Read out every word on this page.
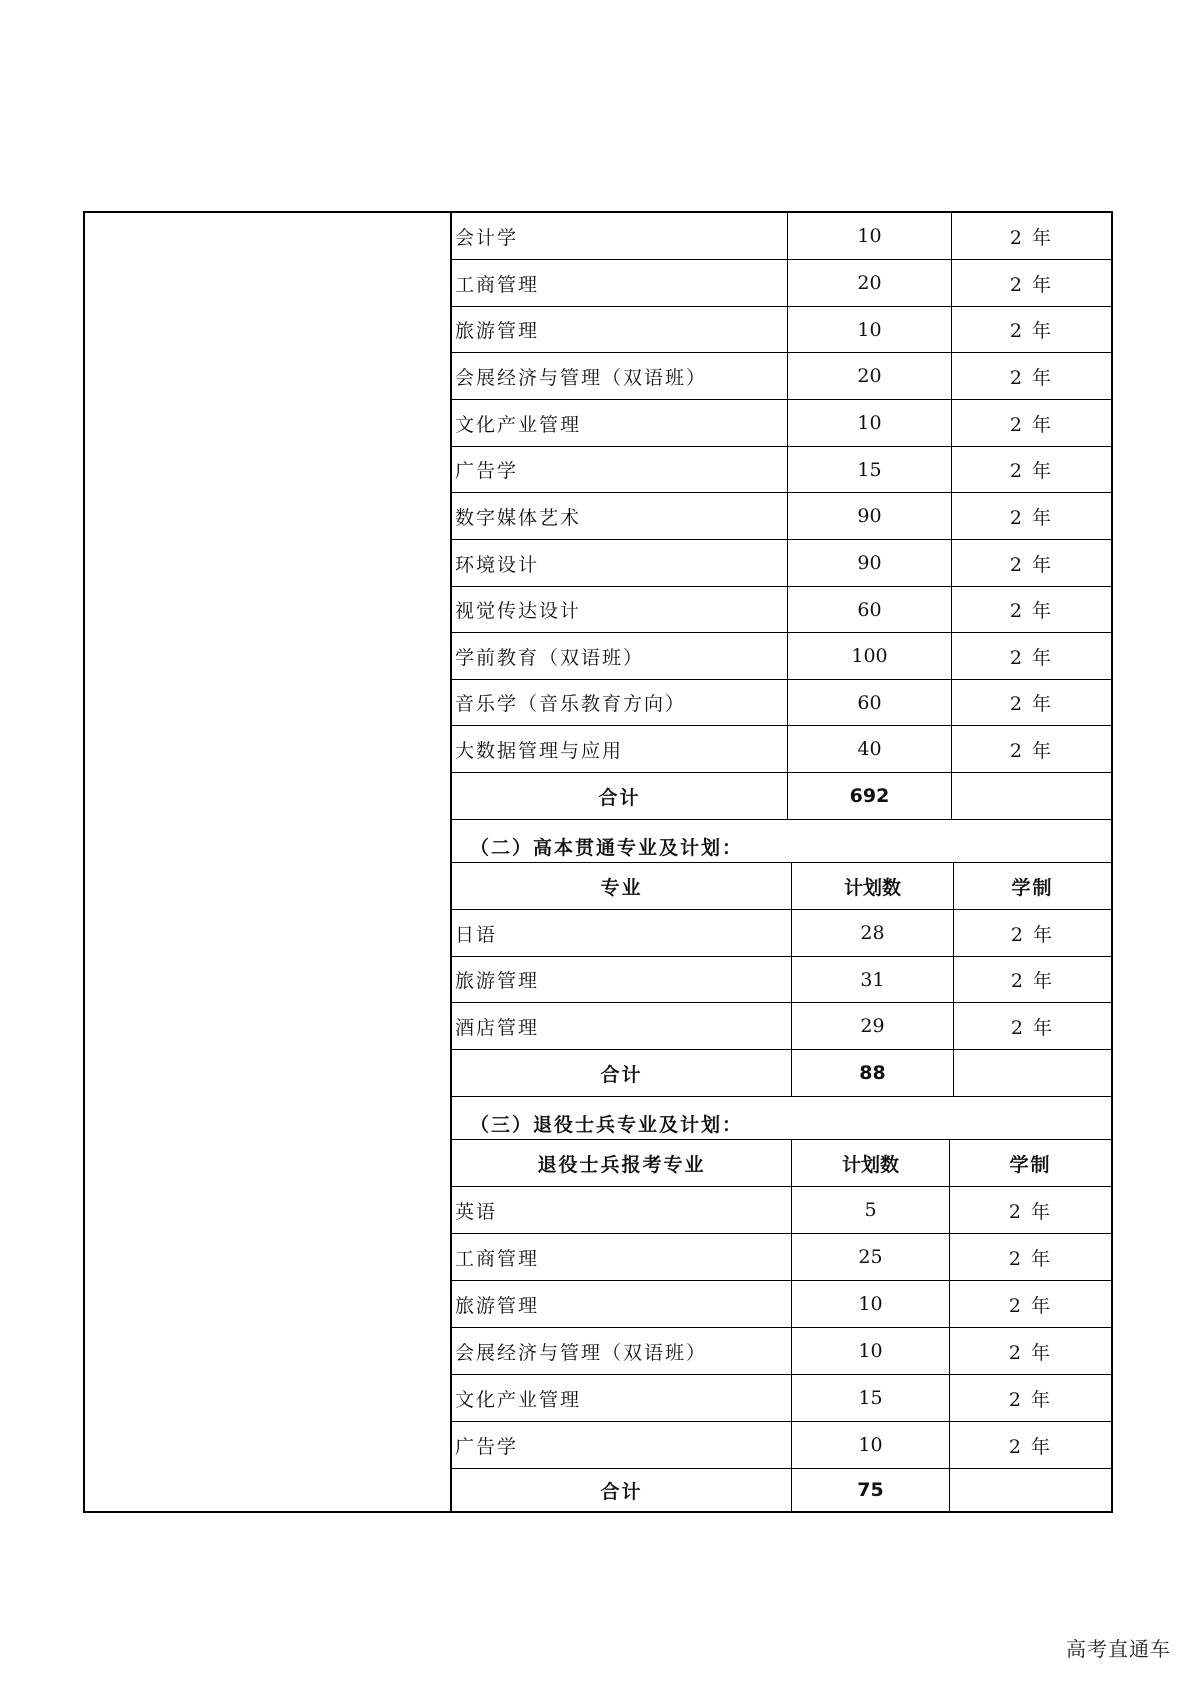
会计学	10	2 年
工商管理	20	2 年
旅游管理	10	2 年
会展经济与管理（双语班）	20	2 年
文化产业管理	10	2 年
广告学	15	2 年
数字媒体艺术	90	2 年
环境设计	90	2 年
视觉传达设计	60	2 年
学前教育（双语班）	100	2 年
音乐学（音乐教育方向）	60	2 年
大数据管理与应用	40	2 年
合计	692
（二）高本贯通专业及计划：
专业	计划数	学制
日语	28	2 年
旅游管理	31	2 年
酒店管理	29	2 年
合计	88
（三）退役士兵专业及计划：
退役士兵报考专业	计划数	学制
英语	5	2 年
工商管理	25	2 年
旅游管理	10	2 年
会展经济与管理（双语班）	10	2 年
文化产业管理	15	2 年
广告学	10	2 年
合计	75
高考直通车
